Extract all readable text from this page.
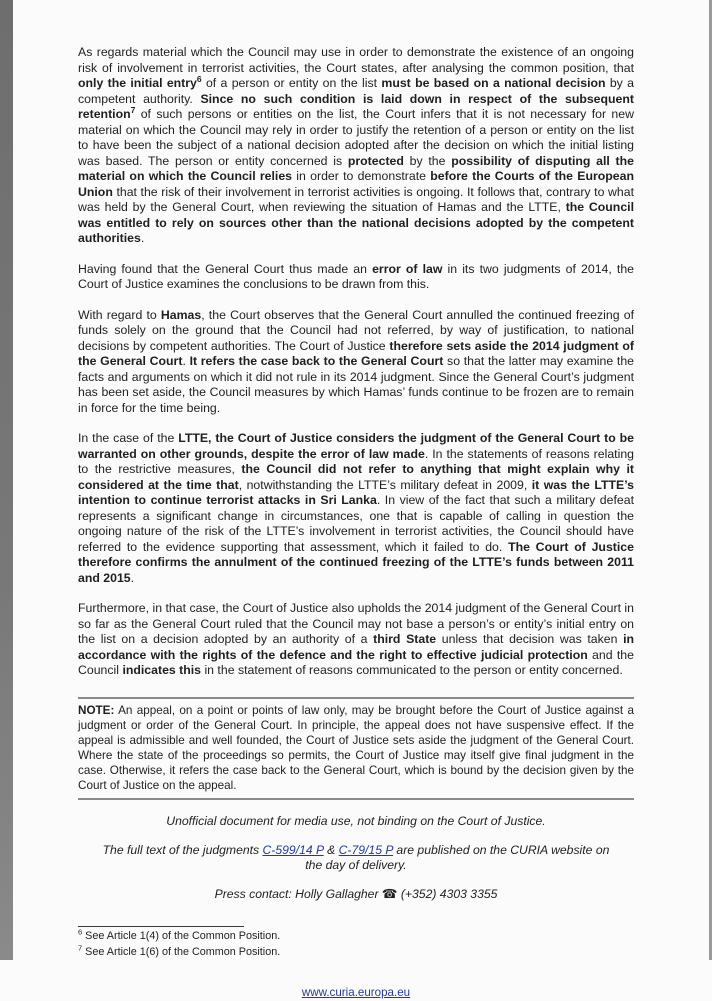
As regards material which the Council may use in order to demonstrate the existence of an ongoing risk of involvement in terrorist activities, the Court states, after analysing the common position, that only the initial entry$^6$ of a person or entity on the list must be based on a national decision by a competent authority. Since no such condition is laid down in respect of the subsequent retention$^7$ of such persons or entities on the list, the Court infers that it is not necessary for new material on which the Council may rely in order to justify the retention of a person or entity on the list to have been the subject of a national decision adopted after the decision on which the initial listing was based. The person or entity concerned is protected by the possibility of disputing all the material on which the Council relies in order to demonstrate before the Courts of the European Union that the risk of their involvement in terrorist activities is ongoing. It follows that, contrary to what was held by the General Court, when reviewing the situation of Hamas and the LTTE, the Council was entitled to rely on sources other than the national decisions adopted by the competent authorities.

Having found that the General Court thus made an error of law in its two judgments of 2014, the Court of Justice examines the conclusions to be drawn from this.

With regard to Hamas, the Court observes that the General Court annulled the continued freezing of funds solely on the ground that the Council had not referred, by way of justification, to national decisions by competent authorities. The Court of Justice therefore sets aside the 2014 judgment of the General Court. It refers the case back to the General Court so that the latter may examine the facts and arguments on which it did not rule in its 2014 judgment. Since the General Court’s judgment has been set aside, the Council measures by which Hamas’ funds continue to be frozen are to remain in force for the time being.

In the case of the LTTE, the Court of Justice considers the judgment of the General Court to be warranted on other grounds, despite the error of law made. In the statements of reasons relating to the restrictive measures, the Council did not refer to anything that might explain why it considered at the time that, notwithstanding the LTTE’s military defeat in 2009, it was the LTTE’s intention to continue terrorist attacks in Sri Lanka. In view of the fact that such a military defeat represents a significant change in circumstances, one that is capable of calling in question the ongoing nature of the risk of the LTTE’s involvement in terrorist activities, the Council should have referred to the evidence supporting that assessment, which it failed to do. The Court of Justice therefore confirms the annulment of the continued freezing of the LTTE’s funds between 2011 and 2015.

Furthermore, in that case, the Court of Justice also upholds the 2014 judgment of the General Court in so far as the General Court ruled that the Council may not base a person’s or entity’s initial entry on the list on a decision adopted by an authority of a third State unless that decision was taken in accordance with the rights of the defence and the right to effective judicial protection and the Council indicates this in the statement of reasons communicated to the person or entity concerned.

NOTE: An appeal, on a point or points of law only, may be brought before the Court of Justice against a judgment or order of the General Court. In principle, the appeal does not have suspensive effect. If the appeal is admissible and well founded, the Court of Justice sets aside the judgment of the General Court. Where the state of the proceedings so permits, the Court of Justice may itself give final judgment in the case. Otherwise, it refers the case back to the General Court, which is bound by the decision given by the Court of Justice on the appeal.

Unofficial document for media use, not binding on the Court of Justice.

The full text of the judgments C-599/14 P & C-79/15 P are published on the CURIA website on the day of delivery.

Press contact: Holly Gallagher ☎ (+352) 4303 3355

$^6$ See Article 1(4) of the Common Position.
$^7$ See Article 1(6) of the Common Position.
www.curia.europa.eu
